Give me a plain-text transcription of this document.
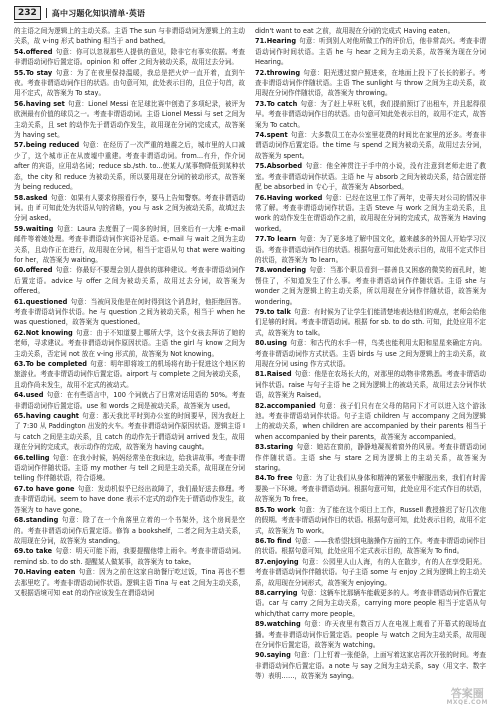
232	高中习题化知识清单·英语

的主语之间为逻辑上的主动关系。主语 The sun 与非谓语动词为逻辑上的主动关系，故 v-ing 形式 bathing 相当于 and bathed。

54.offered 句意：你可以忽视那些人提供的意见，除非它有事实依据。考查非谓语动词作后置定语。opinion 和 offer 之间为被动关系，故用过去分词。

55.To stay 句意：为了在夜里保持温暖，我总是把火炉一直开着，直到午夜。考查非谓语动词作目的状语。由句意可知，此处表示目的，且位于句首，故用不定式，故答案为 To stay。

56.having set 句意：Lionel Messi 在足球比赛中创造了多项纪录，被评为欧洲最有价值的球员之一。考查非谓语动词。主语 Lionel Messi 与 set 之间为主动关系，且 set 的动作先于谓语动作发生，故用现在分词的完成式，故答案为 having set。

57.being reduced 句意：在经历了一次严重的地震之后，城市里的人口减少了，这个城市正在从废墟中重建。考查非谓语动词。from...有升，作介词 after 的宾语，应用动名词；reduce sb./sth. to...使某人/某事物降低到某种状态，the city 和 reduce 为被动关系，所以要用现在分词的被动形式，故答案为 being reduced。

58.asked 句意：如果有人要求你照看行李，要马上告知警察。考查非谓语动词。由 if 可知此处为状语从句的省略，you 与 ask 之间为被动关系，故填过去分词 asked。

59.waiting 句意：Laura 去度假了一周多的时间，回来后有一大堆 e-mail 邮件等着她处理。考查非谓语动词作宾语补足语。e-mail 与 wait 之间为主动关系，且动作正在进行，故用现在分词，相当于定语从句 that were waiting for her，故答案为 waiting。

60.offered 句意：你最好不要理会别人提供的那种建议。考查非谓语动词作后置定语。advice 与 offer 之间为被动关系，故用过去分词，故答案为 offered。

61.questioned 句意：当被问及他是在何时得到这个消息时，他拒绝回答。考查非谓语动词作状语。he 与 question 之间为被动关系，相当于 when he was questioned，故答案为 questioned。

62.Not knowing 句意：由于不知道要上哪所大学，这个女孩去拜访了她的老师，寻求建议。考查非谓语动词作原因状语。主语 the girl 与 know 之间为主动关系，否定词 not 放在 v-ing 形式前，故答案为 Not knowing。

63.To be completed 句意：明年即将竣工的机场将有助于促进这个地区的旅游业。考查非谓语动词作后置定语。airport 与 complete 之间为被动关系，且动作尚未发生，故用不定式的被动式。

64.used 句意：在有些语言中，100 个词就占了日常对话用语的 50%。考查非谓语动词作后置定语。use 和 words 之间是被动关系，故答案为 used。

65.having caught 句意：那天我比平时到办公室的时间要早，因为我赶上了 7:30 从 Paddington 出发的火车。考查非谓语动词作原因状语。逻辑主语 I 与 catch 之间是主动关系，且 catch 的动作先于谓语动词 arrived 发生，故用现在分词的完成式，表示动作的完成，故答案为 having caught。

66.telling 句意：在我小时候，妈妈经常坐在我床边，给我讲故事。考查非谓语动词作伴随状语。主语 my mother 与 tell 之间是主动关系，故用现在分词 telling 作伴随状语，符合语境。

67.to have gone 句意：发动机似乎已经出故障了，我们最好送去修理。考查非谓语动词。seem to have done 表示不定式的动作先于谓语动作发生，故答案为 to have gone。

68.standing 句意：除了在一个角落里立着的一个书架外，这个房间是空的。考查非谓语动词作后置定语。修饰 a bookshelf，二者之间为主动关系，故用现在分词，故答案为 standing。

69.to take 句意：明天可能下雨，我要提醒他带上雨伞。考查非谓语动词。remind sb. to do sth. 提醒某人做某事，故答案为 to take。

70.Having eaten 句意：因为之前在这家自助餐厅吃过饭，Tina 再也不想去那里吃了。考查非谓语动词作状语。逻辑主语 Tina 与 eat 之间为主动关系，又根据语境可知 eat 的动作应该发生在谓语动词

didn't want to eat 之前，故用现在分词的完成式 Having eaten。

71.Hearing 句意：听到别人对他所做工作的评价后，他非常高兴。考查非谓语动词作时间状语。主语 he 与 hear 之间为主动关系，故答案为现在分词 Hearing。

72.throwing 句意：阳光透过窗户照进来，在地面上投下了长长的影子。考查非谓语动词作伴随状语。主语 The sunlight 与 throw 之间为主动关系，故用现在分词作伴随状语，故答案为 throwing。

73.To catch 句意：为了赶上早班飞机，我们提前预订了出租车，并且起得很早。考查非谓语动词作目的状语。由句意可知此处表示目的，故用不定式，故答案为 To catch。

74.spent 句意：大多数员工在办公室里花费的时间比在家里的还多。考查非谓语动词作后置定语。the time 与 spend 之间为被动关系，故用过去分词，故答案为 spent。

75.Absorbed 句意：他全神贯注于手中的小说，没有注意到老师走进了教室。考查非谓语动词作状语。主语 he 与 absorb 之间为被动关系，结合固定搭配 be absorbed in 专心于，故答案为 Absorbed。

76.Having worked 句意：已经在这里工作了两年，史蒂夫对公司的情况非常了解。考查非谓语动词作状语。主语 Steve 与 work 之间为主动关系，且 work 的动作发生在谓语动作之前，故用现在分词的完成式，故答案为 Having worked。

77.To learn 句意：为了更多地了解中国文化，越来越多的外国人开始学习汉语。考查非谓语动词作目的状语。根据句意可知此处表示目的，故用不定式作目的状语，故答案为 To learn。

78.wondering 句意：当那个职员看到一群善良又困惑的微笑的面孔时，她愣住了，不知道发生了什么事。考查非谓语动词作伴随状语。主语 she 与 wonder 之间为逻辑上的主动关系，所以用现在分词作伴随状语，故答案为 wondering。

79.to talk 句意：有时候为了让学生们能清楚地表达他们的观点，老师会给他们足够的时间。考查非谓语动词。根据 for sb. to do sth. 可知，此处应用不定式，故答案为 to talk。

80.using 句意：和古代的水手一样，鸟类也能利用太阳和星星来确定方向。考查非谓语动词作方式状语。主语 birds 与 use 之间为逻辑上的主动关系，故用现在分词 using 作方式状语。

81.Raised 句意：他是在农场长大的，对那里的动物非常熟悉。考查非谓语动词作状语。raise 与句子主语 he 之间为逻辑上的被动关系，故用过去分词作状语，故答案为 Raised。

82.accompanied 句意：孩子们只有在父母的陪同下才可以进入这个游泳池。考查非谓语动词作状语。句子主语 children 与 accompany 之间为逻辑上的被动关系，when children are accompanied by their parents 相当于 when accompanied by their parents，故答案为 accompanied。

83.staring 句意：她站在窗前，静静地凝视着窗外的风景。考查非谓语动词作伴随状语。主语 she 与 stare 之间为逻辑上的主动关系，故答案为 staring。

84.To free 句意：为了让我们从身体和精神的紧张中解脱出来，我们有时需要换一下环境。考查非谓语动词。根据句意可知，此处应用不定式作目的状语，故答案为 To free。

85.To work 句意：为了能在这个项目上工作，Russell 教授推迟了好几次他的假期。考查非谓语动词作目的状语。根据句意可知，此处表示目的，故用不定式，故答案为 To work。

86.To find 句意：——我希望找到电脑操作方面的工作。考查非谓语动词作目的状语。根据句意可知，此处应用不定式表示目的，故答案为 To find。

87.enjoying 句意：公园里人山人海，有的人在散步，有的人在享受阳光。考查非谓语动词作伴随状语。句子主语 some 与 enjoy 之间为逻辑上的主动关系，故用现在分词形式，故答案为 enjoying。

88.carrying 句意：这辆车比那辆车能载更多的人。考查非谓语动词作后置定语。car 与 carry 之间为主动关系，carrying more people 相当于定语从句 which/that carry more people。

89.watching 句意：昨天夜里有数百万人在电视上观看了开幕式的现场直播。考查非谓语动词作后置定语。people 与 watch 之间为主动关系，故用现在分词作后置定语，故答案为 watching。

90.saying 句意：门上钉着一张便条，上面写着这家店再次开张的时间。考查非谓语动词作后置定语。a note 与 say 之间为主动关系，say（用文字、数字等）表明……，故答案为 saying。

答案圈
MXQE.COM
